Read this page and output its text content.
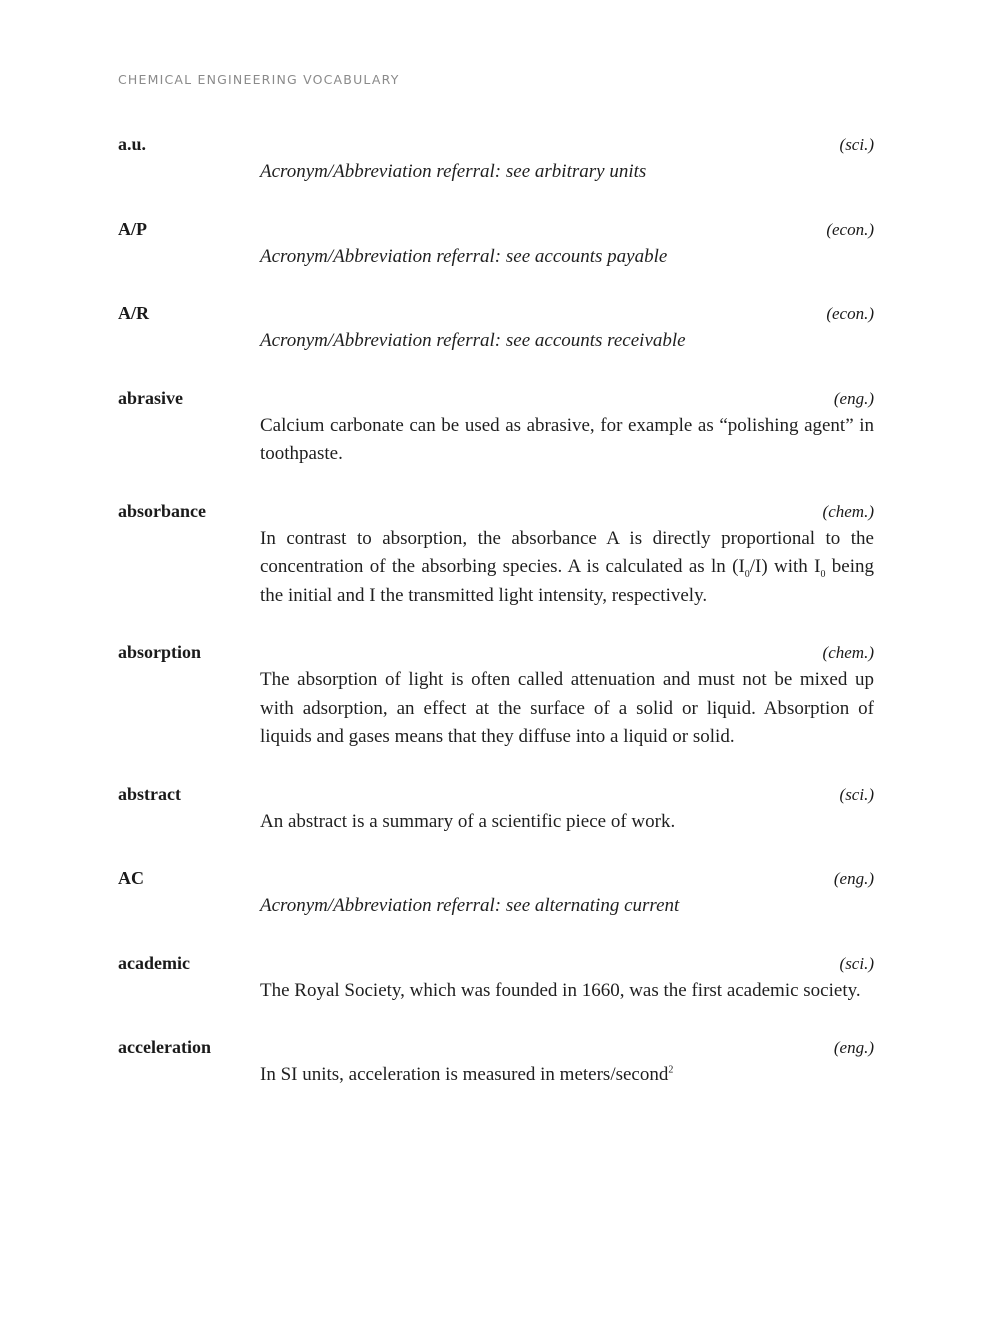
CHEMICAL ENGINEERING VOCABULARY
a.u.	(sci.)
Acronym/Abbreviation referral: see arbitrary units
A/P	(econ.)
Acronym/Abbreviation referral: see accounts payable
A/R	(econ.)
Acronym/Abbreviation referral: see accounts receivable
abrasive	(eng.)
Calcium carbonate can be used as abrasive, for example as “polishing agent” in toothpaste.
absorbance	(chem.)
In contrast to absorption, the absorbance A is directly proportional to the concentration of the absorbing species. A is calculated as $\ln (I_0/I)$ with $I_0$ being the initial and I the transmitted light intensity, respectively.
absorption	(chem.)
The absorption of light is often called attenuation and must not be mixed up with adsorption, an effect at the surface of a solid or liquid. Absorption of liquids and gases means that they diffuse into a liquid or solid.
abstract	(sci.)
An abstract is a summary of a scientific piece of work.
AC	(eng.)
Acronym/Abbreviation referral: see alternating current
academic	(sci.)
The Royal Society, which was founded in 1660, was the first academic society.
acceleration	(eng.)
In SI units, acceleration is measured in meters/second$^2$
